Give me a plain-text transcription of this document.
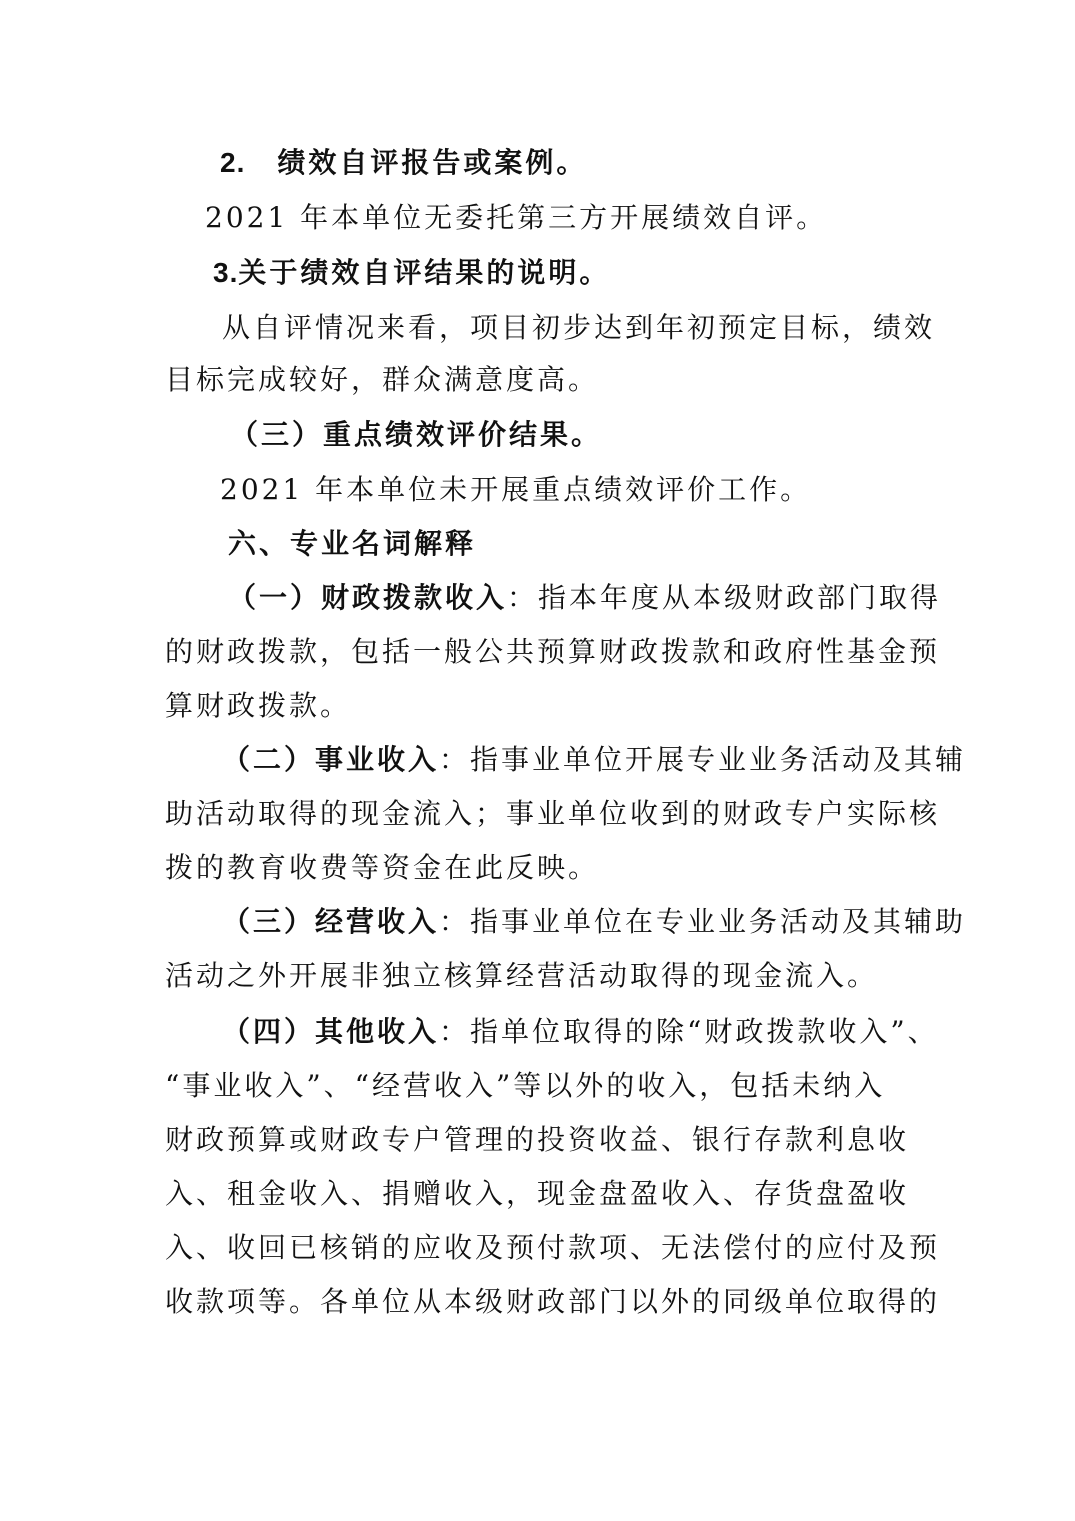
2. 绩效自评报告或案例。

2021 年本单位无委托第三方开展绩效自评。

3.关于绩效自评结果的说明。

从自评情况来看，项目初步达到年初预定目标，绩效

目标完成较好，群众满意度高。

（三）重点绩效评价结果。

2021 年本单位未开展重点绩效评价工作。

六、专业名词解释

（一）财政拨款收入：指本年度从本级财政部门取得

的财政拨款，包括一般公共预算财政拨款和政府性基金预

算财政拨款。

（二）事业收入：指事业单位开展专业业务活动及其辅

助活动取得的现金流入；事业单位收到的财政专户实际核

拨的教育收费等资金在此反映。

（三）经营收入：指事业单位在专业业务活动及其辅助

活动之外开展非独立核算经营活动取得的现金流入。

（四）其他收入：指单位取得的除“财政拨款收入”、

“事业收入”、“经营收入”等以外的收入，包括未纳入

财政预算或财政专户管理的投资收益、银行存款利息收

入、租金收入、捐赠收入，现金盘盈收入、存货盘盈收

入、收回已核销的应收及预付款项、无法偿付的应付及预

收款项等。各单位从本级财政部门以外的同级单位取得的
